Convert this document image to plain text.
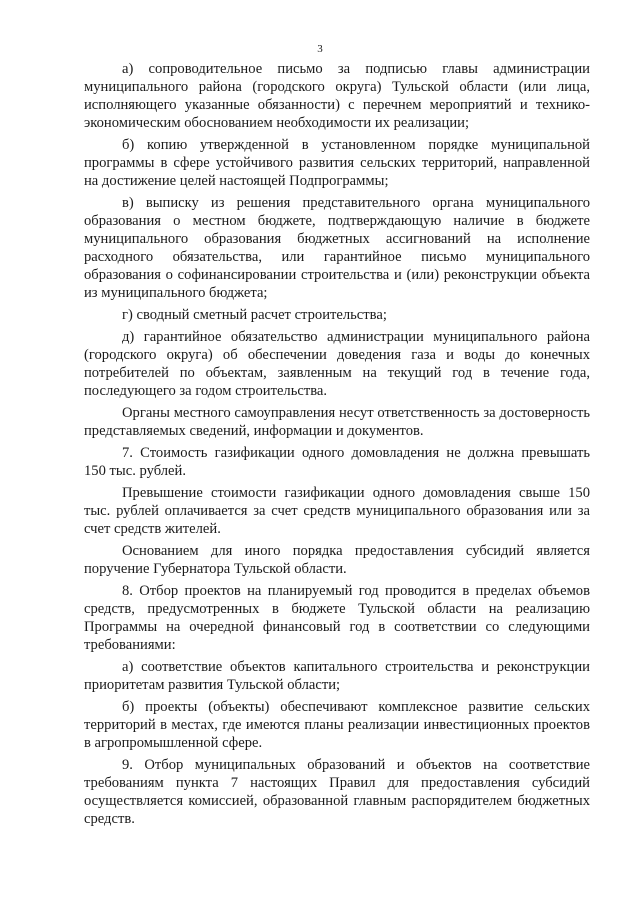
3

а) сопроводительное письмо за подписью главы администрации муниципального района (городского округа) Тульской области (или лица, исполняющего указанные обязанности) с перечнем мероприятий и технико-экономическим обоснованием необходимости их реализации;

б) копию утвержденной в установленном порядке муниципальной программы в сфере устойчивого развития сельских территорий, направленной на достижение целей настоящей Подпрограммы;

в) выписку из решения представительного органа муниципального образования о местном бюджете, подтверждающую наличие в бюджете муниципального образования бюджетных ассигнований на исполнение расходного обязательства, или гарантийное письмо муниципального образования о софинансировании строительства и (или) реконструкции объекта из муниципального бюджета;

г) сводный сметный расчет строительства;

д) гарантийное обязательство администрации муниципального района (городского округа) об обеспечении доведения газа и воды до конечных потребителей по объектам, заявленным на текущий год в течение года, последующего за годом строительства.

Органы местного самоуправления несут ответственность за достоверность представляемых сведений, информации и документов.

7. Стоимость газификации одного домовладения не должна превышать 150 тыс. рублей.

Превышение стоимости газификации одного домовладения свыше 150 тыс. рублей оплачивается за счет средств муниципального образования или за счет средств жителей.

Основанием для иного порядка предоставления субсидий является поручение Губернатора Тульской области.

8. Отбор проектов на планируемый год проводится в пределах объемов средств, предусмотренных в бюджете Тульской области на реализацию Программы на очередной финансовый год в соответствии со следующими требованиями:

а) соответствие объектов капитального строительства и реконструкции приоритетам развития Тульской области;

б) проекты (объекты) обеспечивают комплексное развитие сельских территорий в местах, где имеются планы реализации инвестиционных проектов в агропромышленной сфере.

9. Отбор муниципальных образований и объектов на соответствие требованиям пункта 7 настоящих Правил для предоставления субсидий осуществляется комиссией, образованной главным распорядителем бюджетных средств.
